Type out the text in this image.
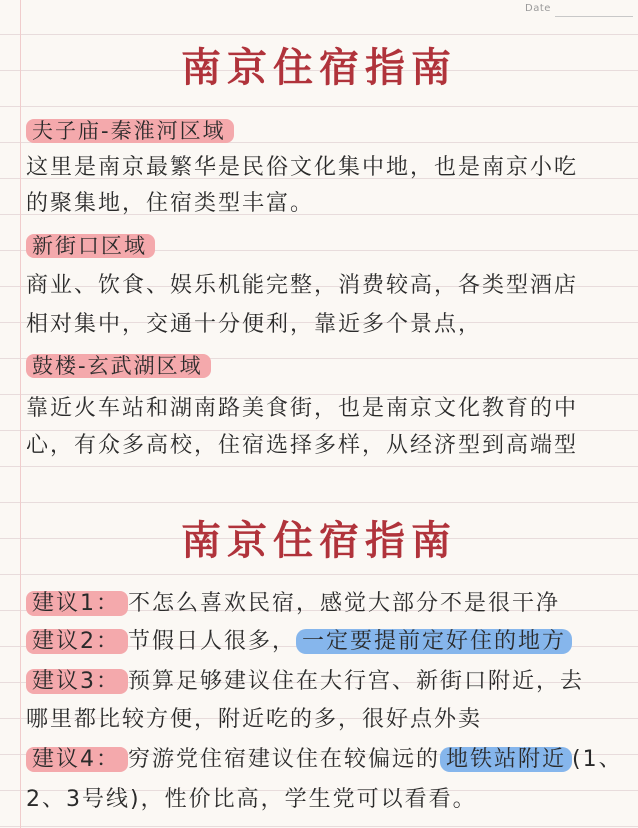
Date
南京住宿指南
夫子庙-秦淮河区域
这里是南京最繁华是民俗文化集中地，也是南京小吃
的聚集地，住宿类型丰富。
新街口区域
商业、饮食、娱乐机能完整，消费较高，各类型酒店
相对集中，交通十分便利，靠近多个景点，
鼓楼-玄武湖区域
靠近火车站和湖南路美食街，也是南京文化教育的中
心，有众多高校，住宿选择多样，从经济型到高端型
南京住宿指南
建议1： 不怎么喜欢民宿，感觉大部分不是很干净
建议2： 节假日人很多， 一定要提前定好住的地方
建议3： 预算足够建议住在大行宫、新街口附近，去
哪里都比较方便，附近吃的多，很好点外卖
建议4： 穷游党住宿建议住在较偏远的 地铁站附近 (1、
2、3号线)，性价比高，学生党可以看看。
